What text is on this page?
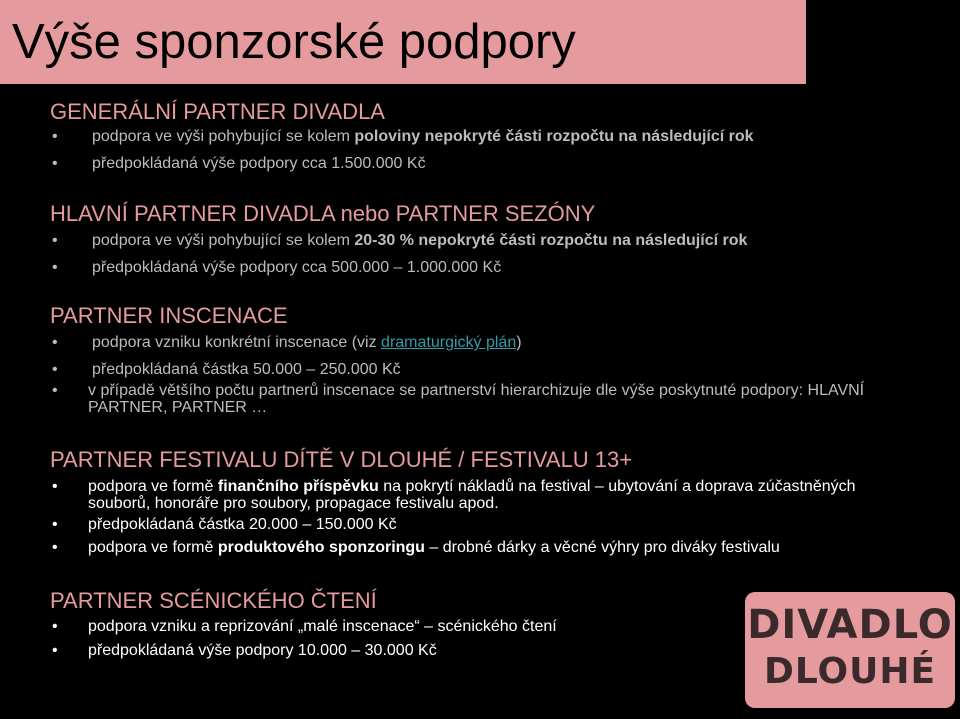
Výše sponzorské podpory
GENERÁLNÍ PARTNER DIVADLA
• podpora ve výši pohybující se kolem poloviny nepokryté části rozpočtu na následující rok
• předpokládaná výše podpory cca 1.500.000 Kč
HLAVNÍ PARTNER DIVADLA nebo PARTNER SEZÓNY
• podpora ve výši pohybující se kolem 20-30 % nepokryté části rozpočtu na následující rok
• předpokládaná výše podpory cca 500.000 – 1.000.000 Kč
PARTNER INSCENACE
• podpora vzniku konkrétní inscenace (viz dramaturgický plán)
• předpokládaná částka 50.000 – 250.000 Kč
• v případě většího počtu partnerů inscenace se partnerství hierarchizuje dle výše poskytnuté podpory: HLAVNÍ PARTNER, PARTNER …
PARTNER FESTIVALU DÍTĚ V DLOUHÉ / FESTIVALU 13+
• podpora ve formě finančního příspěvku na pokrytí nákladů na festival – ubytování a doprava zúčastněných souborů, honoráře pro soubory, propagace festivalu apod.
• předpokládaná částka 20.000 – 150.000 Kč
• podpora ve formě produktového sponzoringu – drobné dárky a věcné výhry pro diváky festivalu
PARTNER SCÉNICKÉHO ČTENÍ
• podpora vzniku a reprizování „malé inscenace“ – scénického čtení
• předpokládaná výše podpory 10.000 – 30.000 Kč
DIVADLO
DLOUHÉ
